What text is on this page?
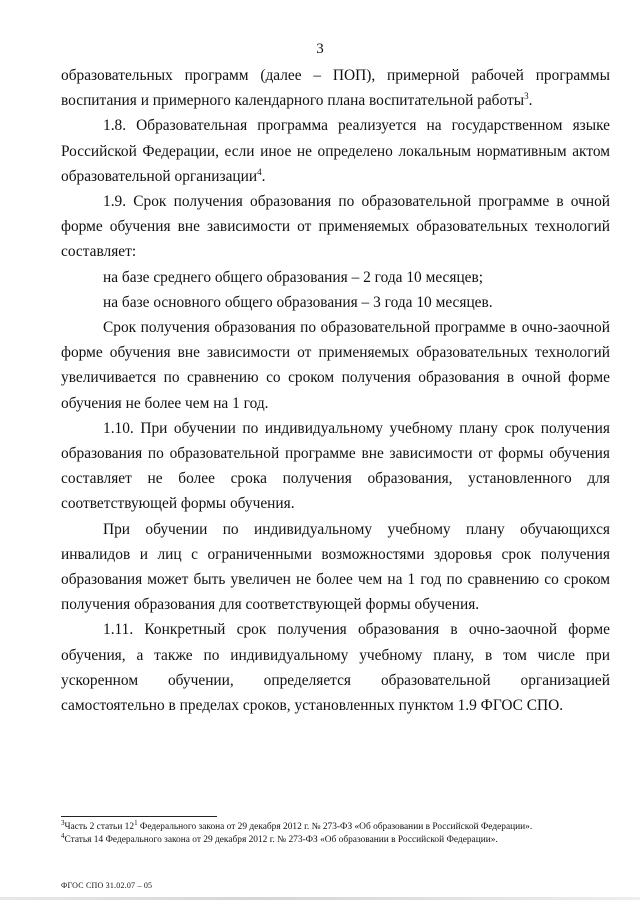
3

образовательных программ (далее – ПОП), примерной рабочей программы воспитания и примерного календарного плана воспитательной работы$^3$.

1.8. Образовательная программа реализуется на государственном языке Российской Федерации, если иное не определено локальным нормативным актом образовательной организации$^4$.

1.9. Срок получения образования по образовательной программе в очной форме обучения вне зависимости от применяемых образовательных технологий составляет:

на базе среднего общего образования – 2 года 10 месяцев;

на базе основного общего образования – 3 года 10 месяцев.

Срок получения образования по образовательной программе в очно-заочной форме обучения вне зависимости от применяемых образовательных технологий увеличивается по сравнению со сроком получения образования в очной форме обучения не более чем на 1 год.

1.10. При обучении по индивидуальному учебному плану срок получения образования по образовательной программе вне зависимости от формы обучения составляет не более срока получения образования, установленного для соответствующей формы обучения.

При обучении по индивидуальному учебному плану обучающихся инвалидов и лиц с ограниченными возможностями здоровья срок получения образования может быть увеличен не более чем на 1 год по сравнению со сроком получения образования для соответствующей формы обучения.

1.11. Конкретный срок получения образования в очно-заочной форме обучения, а также по индивидуальному учебному плану, в том числе при ускоренном обучении, определяется образовательной организацией самостоятельно в пределах сроков, установленных пунктом 1.9 ФГОС СПО.

$^3$Часть 2 статьи $12^1$ Федерального закона от 29 декабря 2012 г. № 273-ФЗ «Об образовании в Российской Федерации».

$^4$Статья 14 Федерального закона от 29 декабря 2012 г. № 273-ФЗ «Об образовании в Российской Федерации».

ФГОС СПО 31.02.07 – 05
